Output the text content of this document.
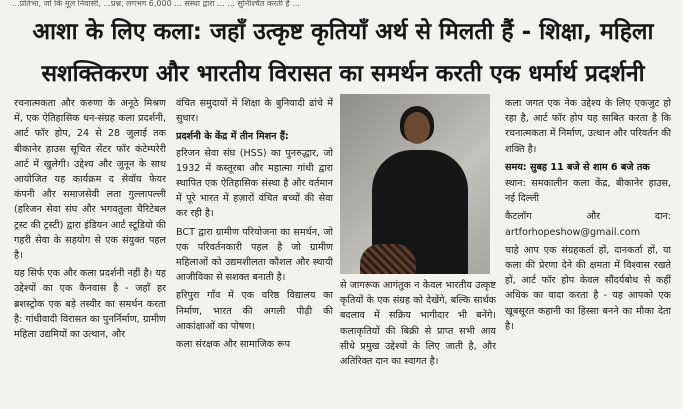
...प्रतिभा, जो कि मूल निवासी, ...प्रश्न, लगभग 6,000 ... संस्था द्वारा ... ... सुनिश्चित करती है ...
आशा के लिए कला: जहाँ उत्कृष्ट कृतियाँ अर्थ से मिलती हैं - शिक्षा, महिला
सशक्तिकरण और भारतीय विरासत का समर्थन करती एक धर्मार्थ प्रदर्शनी

रचनात्मकता और करुणा के अनूठे मिश्रण में, एक ऐतिहासिक धन-संग्रह कला प्रदर्शनी, आर्ट फॉर होप, 24 से 28 जुलाई तक बीकानेर हाउस सूचित सेंटर फॉर कंटेम्परेरी आर्ट में खुलेगी। उद्देश्य और जुनून के साथ आयोजित यह कार्यक्रम द सेवॉय फेयर कंपनी और समाजसेवी लता गुल्लापल्ली (हरिजन सेवा संघ और भगवतुला चैरिटेबल ट्रस्ट की ट्रस्टी) द्वारा इंडियन आर्ट स्टूडियो की गहरी सेवा के सहयोग से एक संयुक्त पहल है।

यह सिर्फ एक और कला प्रदर्शनी नहीं है। यह उद्देश्यों का एक कैनवास है - जहाँ हर ब्रशस्ट्रोक एक बड़े तस्वीर का समर्थन करता है: गांधीवादी विरासत का पुनर्निर्माण, ग्रामीण महिला उद्यमियों का उत्थान, और

वंचित समुदायों में शिक्षा के बुनियादी ढांचे में सुधार।

प्रदर्शनी के केंद्र में तीन मिशन हैं:

हरिजन सेवा संघ (HSS) का पुनरुद्धार, जो 1932 में कस्तूरबा और महात्मा गांधी द्वारा स्थापित एक ऐतिहासिक संस्था है और वर्तमान में पूरे भारत में हज़ारों वंचित बच्चों की सेवा कर रही है।

BCT द्वारा ग्रामीण परियोजना का समर्थन, जो एक परिवर्तनकारी पहल है जो ग्रामीण महिलाओं को उद्यमशीलता कौशल और स्थायी आजीविका से सशक्त बनाती है।

हरिपुरा गाँव में एक वरिष्ठ विद्यालय का निर्माण, भारत की अगली पीढ़ी की आकांक्षाओं का पोषण।

कला संरक्षक और सामाजिक रूप

से जागरूक आगंतुक न केवल भारतीय उत्कृष्ट कृतियों के एक संग्रह को देखेंगे, बल्कि सार्थक बदलाव में सक्रिय भागीदार भी बनेंगे। कलाकृतियों की बिक्री से प्राप्त सभी आय सीधे प्रमुख उद्देश्यों के लिए जाती है, और अतिरिक्त दान का स्वागत है।

कला जगत एक नेक उद्देश्य के लिए एकजुट हो रहा है, आर्ट फॉर होप यह साबित करता है कि रचनात्मकता में निर्माण, उत्थान और परिवर्तन की शक्ति है।

समय: सुबह 11 बजे से शाम 6 बजे तक

स्थान: समकालीन कला केंद्र, बीकानेर हाउस, नई दिल्ली

कैटलॉग और दान: artforhopeshow@gmail.com

चाहे आप एक संग्रहकर्ता हों, दानकर्ता हों, या कला की प्रेरणा देने की क्षमता में विश्वास रखते हों, आर्ट फॉर होप केवल सौंदर्यबोध से कहीं अधिक का वादा करता है - यह आपको एक खूबसूरत कहानी का हिस्सा बनने का मौका देता है।
